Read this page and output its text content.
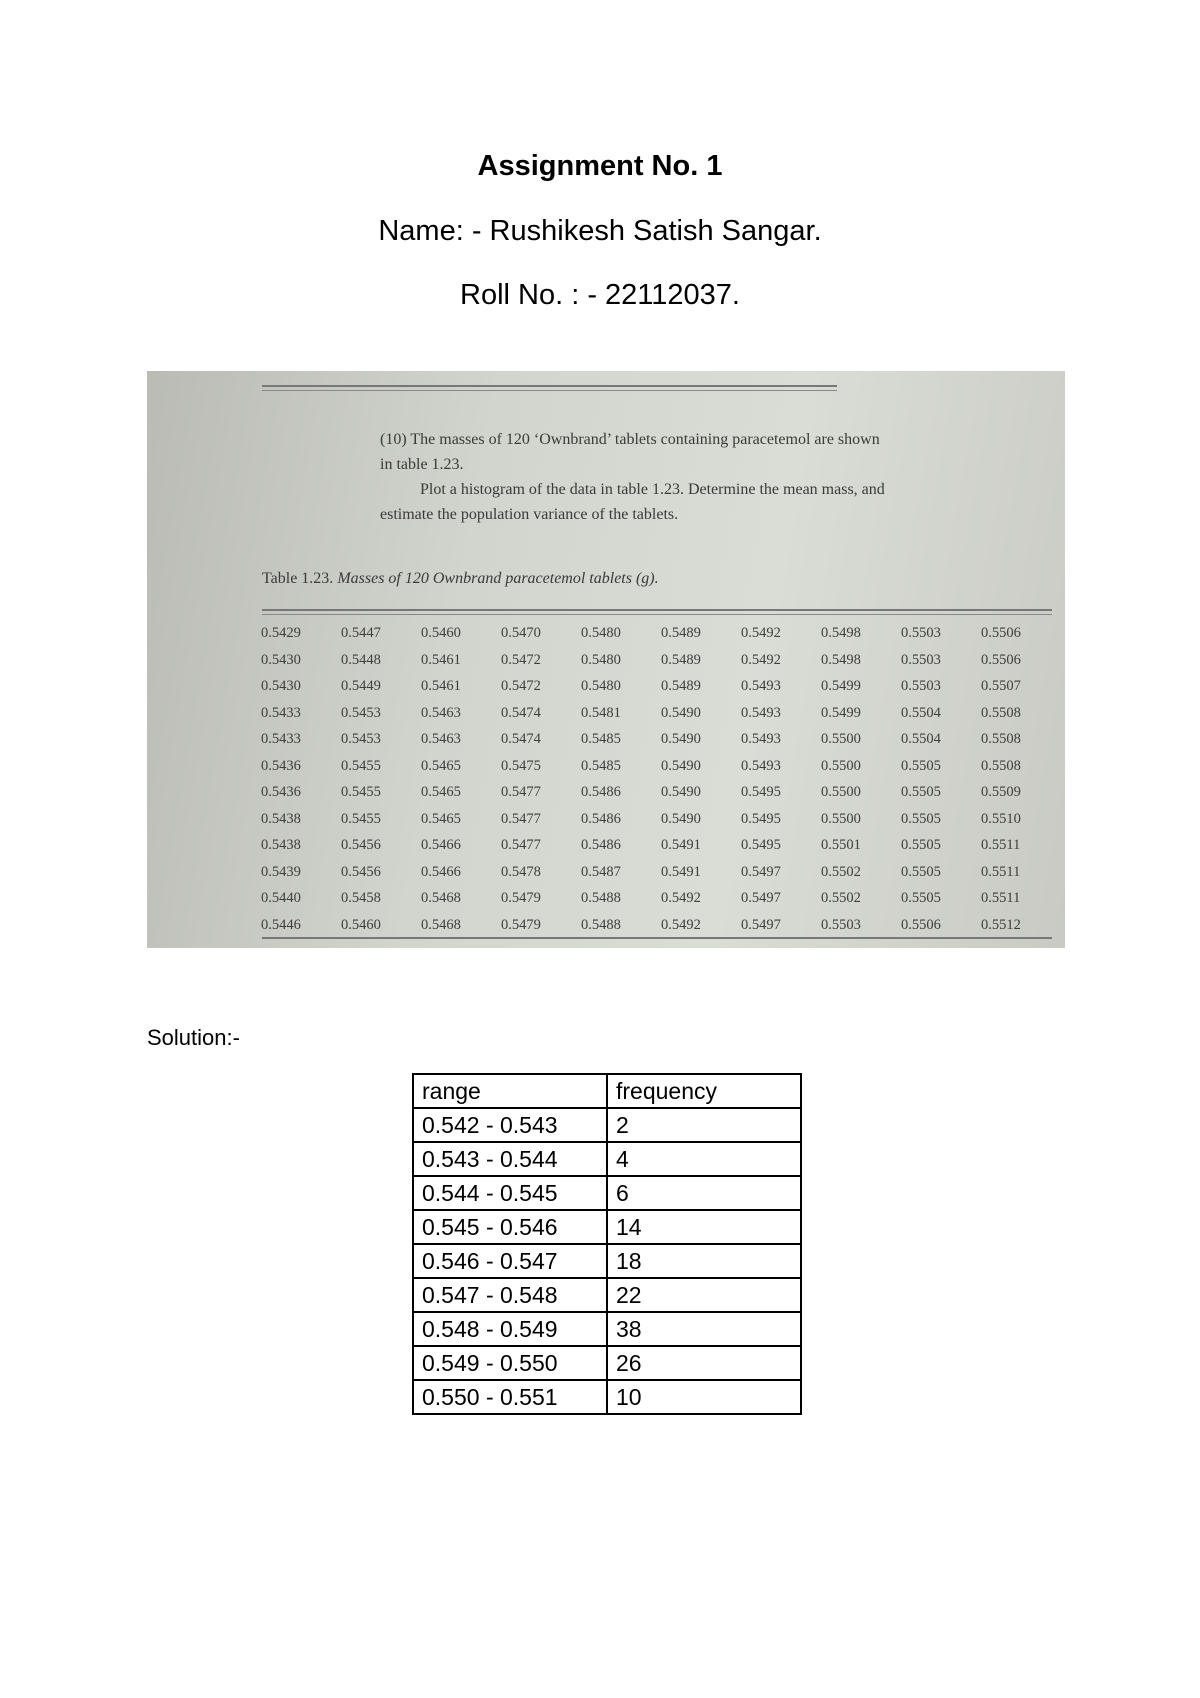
Assignment No. 1
Name: - Rushikesh Satish Sangar.
Roll No. : - 22112037.

(10) The masses of 120 ‘Ownbrand’ tablets containing paracetemol are shown

in table 1.23.

Plot a histogram of the data in table 1.23. Determine the mean mass, and

estimate the population variance of the tablets.

Table 1.23. Masses of 120 Ownbrand paracetemol tablets (g).
0.5429	0.5447	0.5460	0.5470	0.5480	0.5489	0.5492	0.5498	0.5503	0.5506
0.5430	0.5448	0.5461	0.5472	0.5480	0.5489	0.5492	0.5498	0.5503	0.5506
0.5430	0.5449	0.5461	0.5472	0.5480	0.5489	0.5493	0.5499	0.5503	0.5507
0.5433	0.5453	0.5463	0.5474	0.5481	0.5490	0.5493	0.5499	0.5504	0.5508
0.5433	0.5453	0.5463	0.5474	0.5485	0.5490	0.5493	0.5500	0.5504	0.5508
0.5436	0.5455	0.5465	0.5475	0.5485	0.5490	0.5493	0.5500	0.5505	0.5508
0.5436	0.5455	0.5465	0.5477	0.5486	0.5490	0.5495	0.5500	0.5505	0.5509
0.5438	0.5455	0.5465	0.5477	0.5486	0.5490	0.5495	0.5500	0.5505	0.5510
0.5438	0.5456	0.5466	0.5477	0.5486	0.5491	0.5495	0.5501	0.5505	0.5511
0.5439	0.5456	0.5466	0.5478	0.5487	0.5491	0.5497	0.5502	0.5505	0.5511
0.5440	0.5458	0.5468	0.5479	0.5488	0.5492	0.5497	0.5502	0.5505	0.5511
0.5446	0.5460	0.5468	0.5479	0.5488	0.5492	0.5497	0.5503	0.5506	0.5512
Solution:-
range	frequency
0.542 - 0.543	2
0.543 - 0.544	4
0.544 - 0.545	6
0.545 - 0.546	14
0.546 - 0.547	18
0.547 - 0.548	22
0.548 - 0.549	38
0.549 - 0.550	26
0.550 - 0.551	10
